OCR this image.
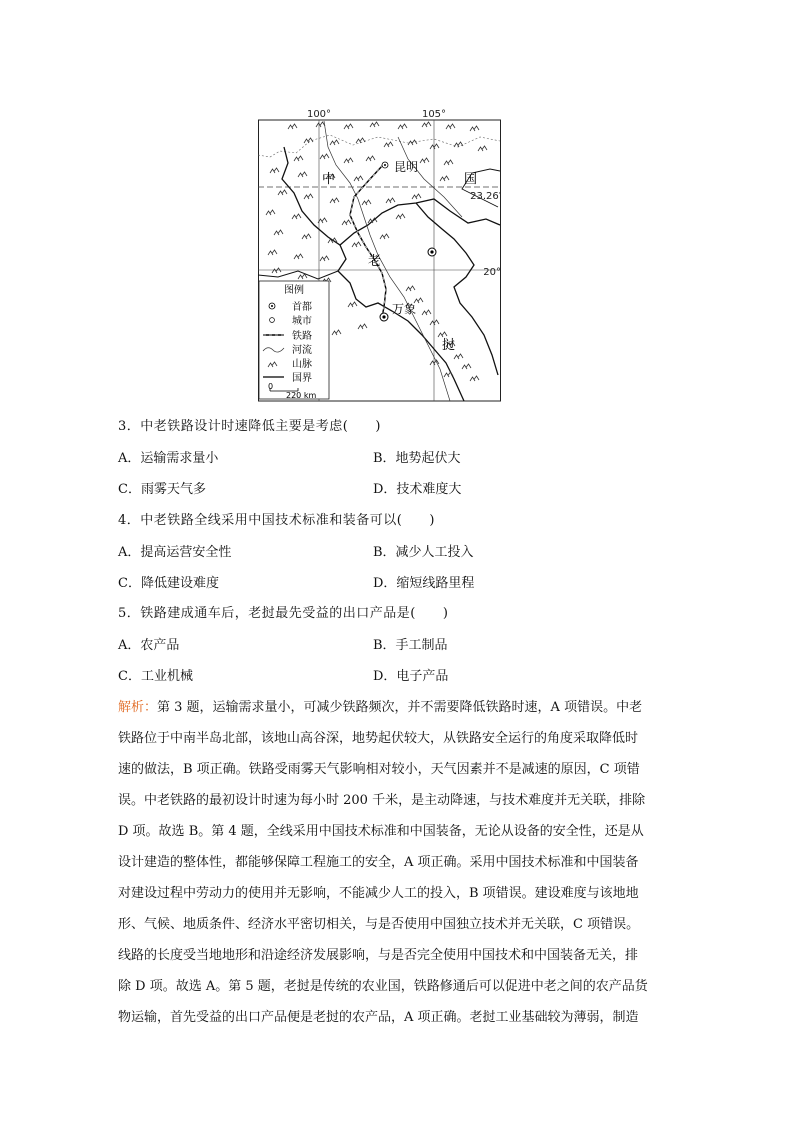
100°	105°
23.26′
20°
中	国
昆明
老
挝
万象
图例
首都
城市
铁路
河流
山脉
国界
0
220 km
3．中老铁路设计时速降低主要是考虑(　　)
A．运输需求量小	B．地势起伏大
C．雨雾天气多	D．技术难度大
4．中老铁路全线采用中国技术标准和装备可以(　　)
A．提高运营安全性	B．减少人工投入
C．降低建设难度	D．缩短线路里程
5．铁路建成通车后，老挝最先受益的出口产品是(　　)
A．农产品	B．手工制品
C．工业机械	D．电子产品
解析：第 3 题，运输需求量小，可减少铁路频次，并不需要降低铁路时速，A 项错误。中老
铁路位于中南半岛北部，该地山高谷深，地势起伏较大，从铁路安全运行的角度采取降低时
速的做法，B 项正确。铁路受雨雾天气影响相对较小，天气因素并不是减速的原因，C 项错
误。中老铁路的最初设计时速为每小时 200 千米，是主动降速，与技术难度并无关联，排除
D 项。故选 B。第 4 题，全线采用中国技术标准和中国装备，无论从设备的安全性，还是从
设计建造的整体性，都能够保障工程施工的安全，A 项正确。采用中国技术标准和中国装备
对建设过程中劳动力的使用并无影响，不能减少人工的投入，B 项错误。建设难度与该地地
形、气候、地质条件、经济水平密切相关，与是否使用中国独立技术并无关联，C 项错误。
线路的长度受当地地形和沿途经济发展影响，与是否完全使用中国技术和中国装备无关，排
除 D 项。故选 A。第 5 题，老挝是传统的农业国，铁路修通后可以促进中老之间的农产品货
物运输，首先受益的出口产品便是老挝的农产品，A 项正确。老挝工业基础较为薄弱，制造
